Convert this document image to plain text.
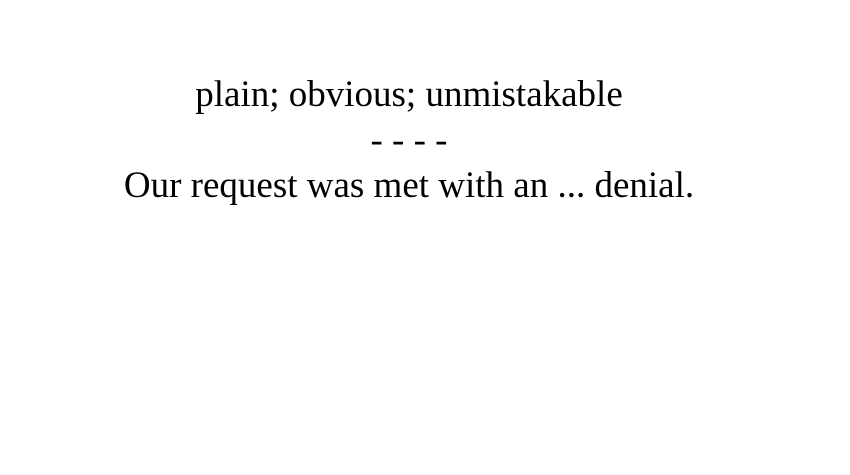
plain; obvious; unmistakable
- - - -
Our request was met with an ... denial.
